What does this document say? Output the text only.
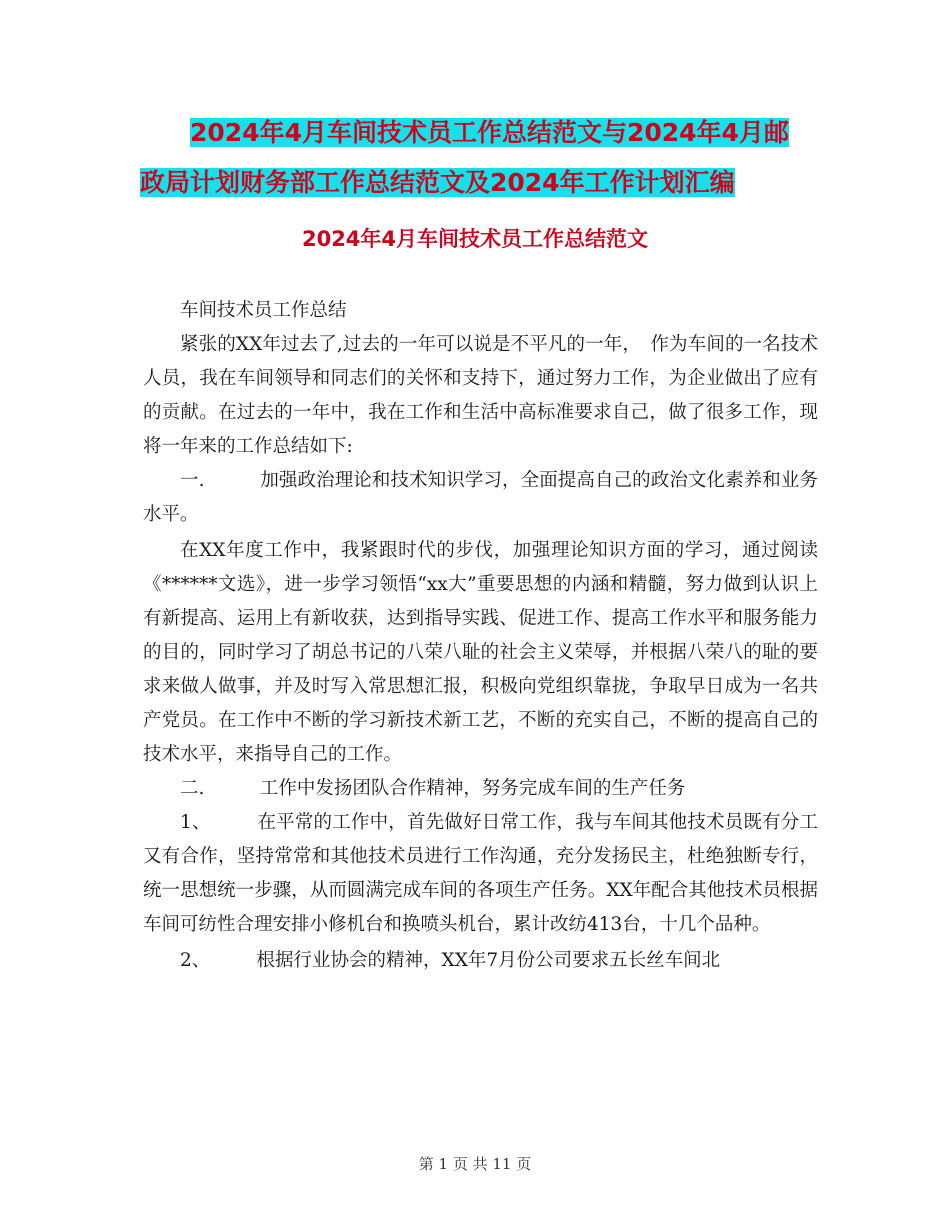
2024年4月车间技术员工作总结范文与2024年4月邮
政局计划财务部工作总结范文及2024年工作计划汇编
2024年4月车间技术员工作总结范文

车间技术员工作总结

紧张的XX年过去了,过去的一年可以说是不平凡的一年，　作为车间的一名技术人员，我在车间领导和同志们的关怀和支持下，通过努力工作，为企业做出了应有的贡献。在过去的一年中，我在工作和生活中高标准要求自己，做了很多工作，现将一年来的工作总结如下:

一.　　　加强政治理论和技术知识学习，全面提高自己的政治文化素养和业务水平。

在XX年度工作中，我紧跟时代的步伐，加强理论知识方面的学习，通过阅读《******文选》，进一步学习领悟“xx大”重要思想的内涵和精髓，努力做到认识上有新提高、运用上有新收获，达到指导实践、促进工作、提高工作水平和服务能力的目的，同时学习了胡总书记的八荣八耻的社会主义荣辱，并根据八荣八的耻的要求来做人做事，并及时写入常思想汇报，积极向党组织靠拢，争取早日成为一名共产党员。在工作中不断的学习新技术新工艺，不断的充实自己，不断的提高自己的技术水平，来指导自己的工作。

二.　　　工作中发扬团队合作精神，努务完成车间的生产任务

1、　　　在平常的工作中，首先做好日常工作，我与车间其他技术员既有分工又有合作，坚持常常和其他技术员进行工作沟通，充分发扬民主，杜绝独断专行，统一思想统一步骤，从而圆满完成车间的各项生产任务。XX年配合其他技术员根据车间可纺性合理安排小修机台和换喷头机台，累计改纺413台，十几个品种。

2、　　　根据行业协会的精神，XX年7月份公司要求五长丝车间北

第 1 页 共 11 页
